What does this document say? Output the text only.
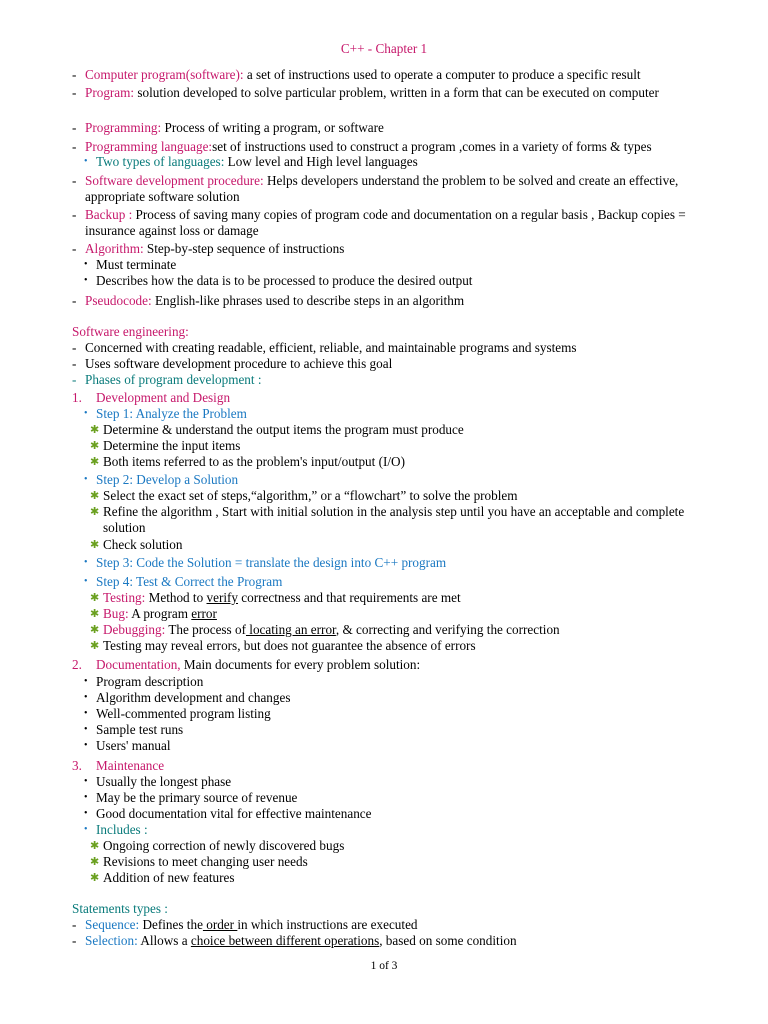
C++ - Chapter 1
- Computer program(software): a set of instructions used to operate a computer to produce a specific result
- Program: solution developed to solve particular problem, written in a form that can be executed on computer
- Programming: Process of writing a program, or software
- Programming language:set of instructions used to construct a program ,comes in a variety of forms & types
• Two types of languages: Low level and High level languages
- Software development procedure: Helps developers understand the problem to be solved and create an effective, appropriate software solution
- Backup : Process of saving many copies of program code and documentation on a regular basis , Backup copies = insurance against loss or damage
- Algorithm: Step-by-step sequence of instructions
• Must terminate
• Describes how the data is to be processed to produce the desired output
- Pseudocode: English-like phrases used to describe steps in an algorithm
Software engineering:
- Concerned with creating readable, efficient, reliable, and maintainable programs and systems
- Uses software development procedure to achieve this goal
- Phases of program development :
1. Development and Design
• Step 1: Analyze the Problem
✱ Determine & understand the output items the program must produce
✱ Determine the input items
✱ Both items referred to as the problem's input/output (I/O)
• Step 2: Develop a Solution
✱ Select the exact set of steps,“algorithm,” or a “flowchart” to solve the problem
✱ Refine the algorithm , Start with initial solution in the analysis step until you have an acceptable and complete solution
✱ Check solution
• Step 3: Code the Solution = translate the design into C++ program
• Step 4: Test & Correct the Program
✱ Testing: Method to verify correctness and that requirements are met
✱ Bug: A program error
✱ Debugging: The process of locating an error, & correcting and verifying the correction
✱ Testing may reveal errors, but does not guarantee the absence of errors
2. Documentation, Main documents for every problem solution:
• Program description
• Algorithm development and changes
• Well-commented program listing
• Sample test runs
• Users' manual
3. Maintenance
• Usually the longest phase
• May be the primary source of revenue
• Good documentation vital for effective maintenance
• Includes :
✱ Ongoing correction of newly discovered bugs
✱ Revisions to meet changing user needs
✱ Addition of new features
Statements types :
- Sequence: Defines the order in which instructions are executed
- Selection: Allows a choice between different operations, based on some condition
1 of 3
